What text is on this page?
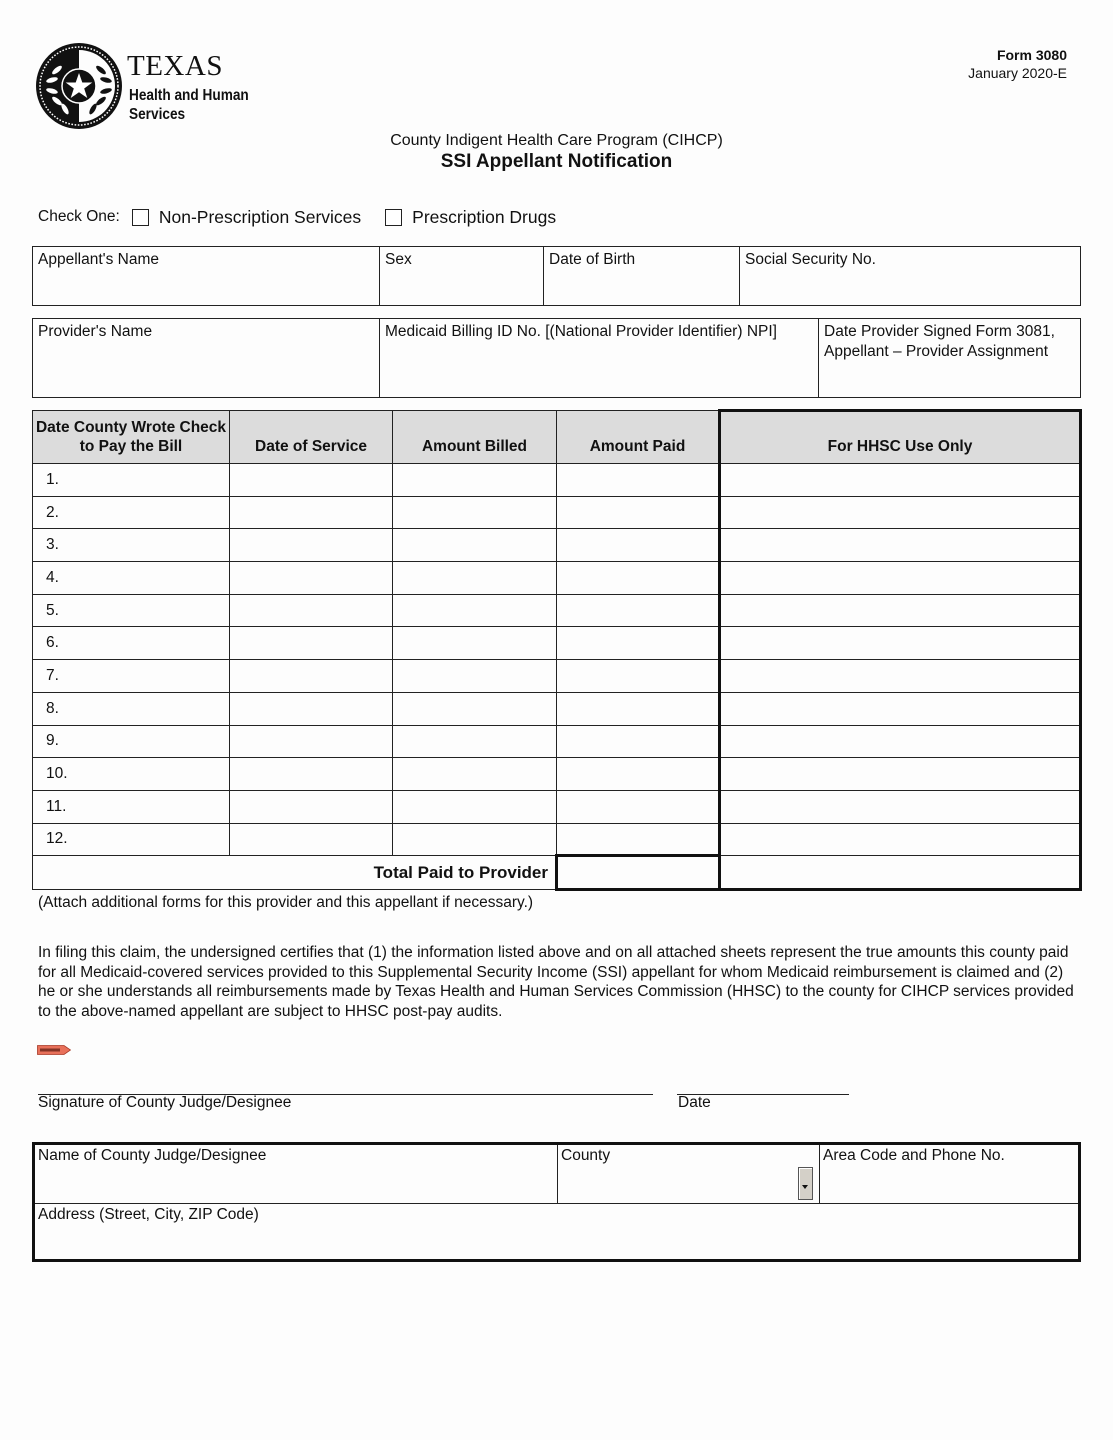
TEXAS
Health and Human
Services
Form 3080
January 2020-E
County Indigent Health Care Program (CIHCP)
SSI Appellant Notification
Check One: Non-Prescription Services	Prescription Drugs
Appellant's Name	Sex	Date of Birth	Social Security No.
Provider's Name	Medicaid Billing ID No. [(National Provider Identifier) NPI]	Date Provider Signed Form 3081, Appellant – Provider Assignment
Date County Wrote Check to Pay the Bill	Date of Service	Amount Billed	Amount Paid	For HHSC Use Only
1.				
2.				
3.				
4.				
5.				
6.				
7.				
8.				
9.				
10.				
11.				
12.				
Total Paid to Provider				
(Attach additional forms for this provider and this appellant if necessary.)
In filing this claim, the undersigned certifies that (1) the information listed above and on all attached sheets represent the true amounts this county paid for all Medicaid-covered services provided to this Supplemental Security Income (SSI) appellant for whom Medicaid reimbursement is claimed and (2) he or she understands all reimbursements made by Texas Health and Human Services Commission (HHSC) to the county for CIHCP services provided to the above-named appellant are subject to HHSC post-pay audits.
Signature of County Judge/Designee	Date
Name of County Judge/Designee	County	Area Code and Phone No.
Address (Street, City, ZIP Code)
